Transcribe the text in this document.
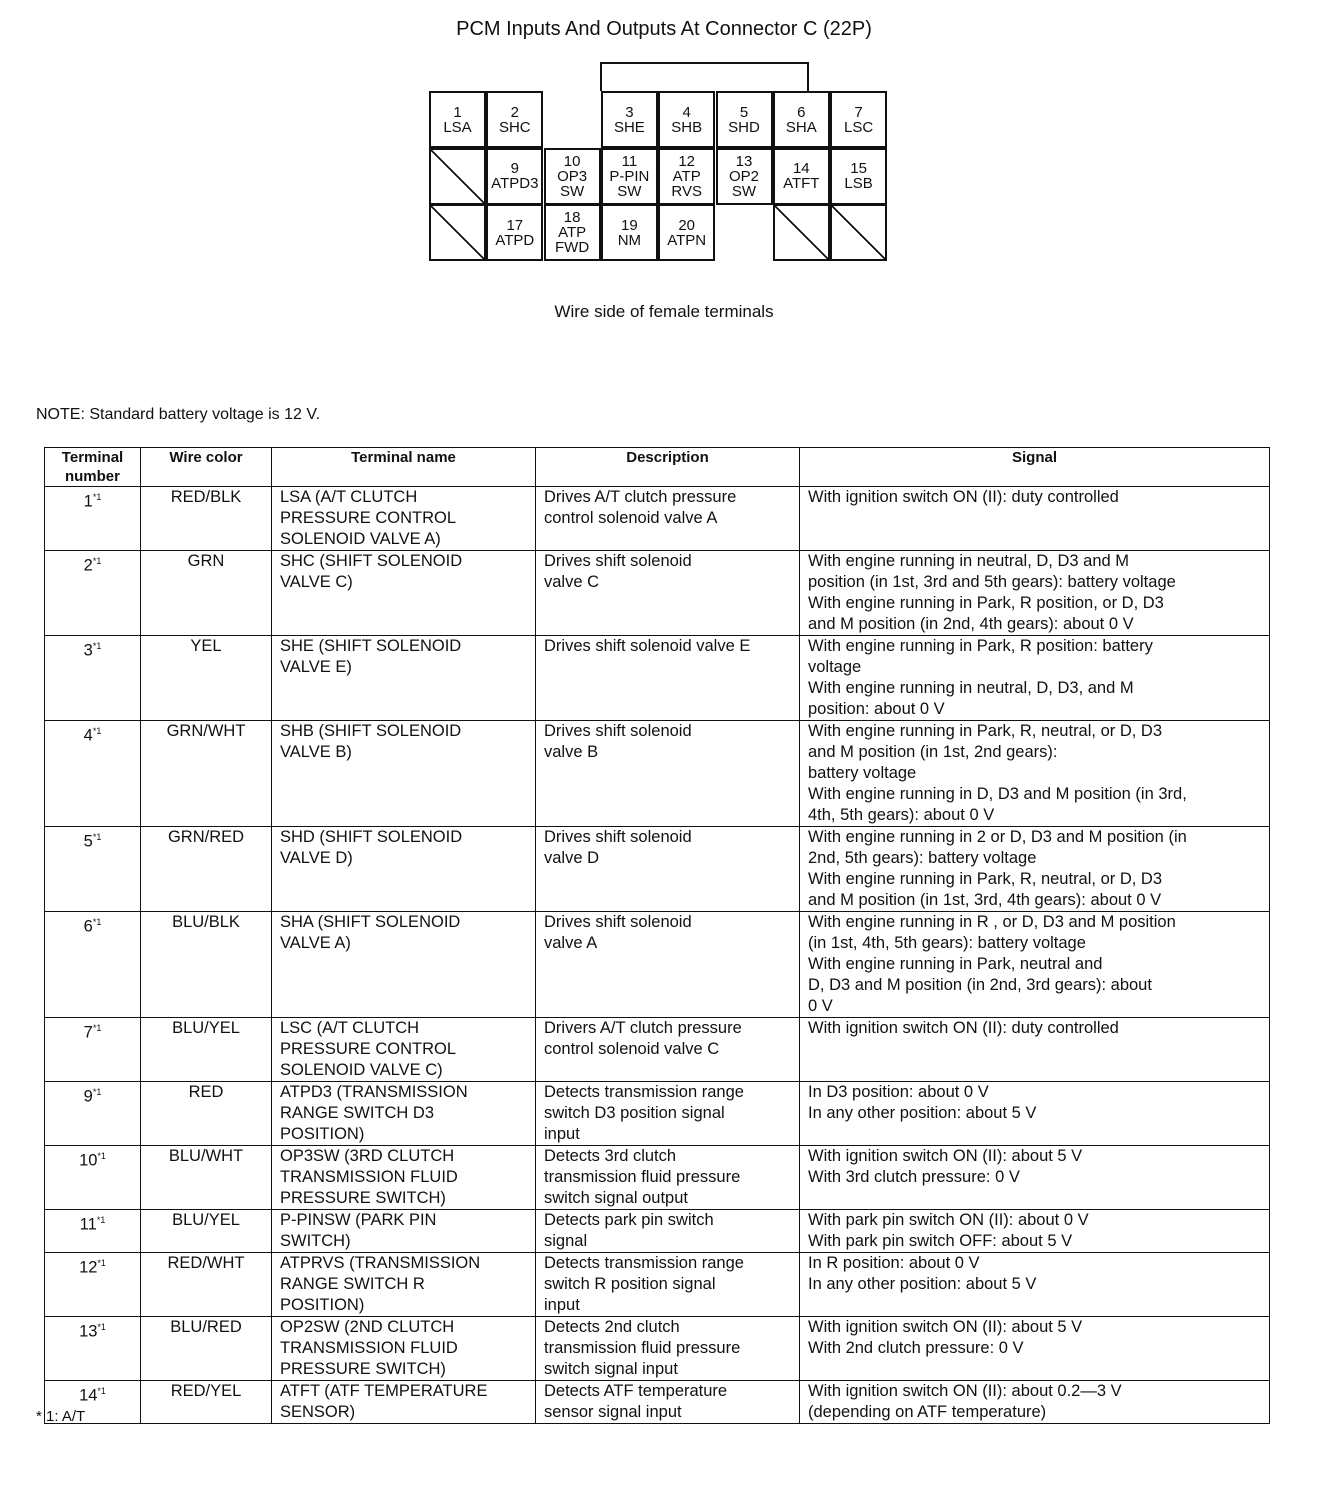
PCM Inputs And Outputs At Connector C (22P)
1
LSA
2
SHC
3
SHE
4
SHB
5
SHD
6
SHA
7
LSC
9
ATPD3
10
OP3
SW
11
P-PIN
SW
12
ATP
RVS
13
OP2
SW
14
ATFT
15
LSB
17
ATPD
18
ATP
FWD
19
NM
20
ATPN
Wire side of female terminals
NOTE: Standard battery voltage is 12 V.
Terminal
number	Wire color	Terminal name	Description	Signal
1$^{*1}$	RED/BLK	LSA (A/T CLUTCH
PRESSURE CONTROL
SOLENOID VALVE A)	Drives A/T clutch pressure
control solenoid valve A	With ignition switch ON (II): duty controlled
2$^{*1}$	GRN	SHC (SHIFT SOLENOID
VALVE C)	Drives shift solenoid
valve C	With engine running in neutral, D, D3 and M
position (in 1st, 3rd and 5th gears): battery voltage
With engine running in Park, R position, or D, D3
and M position (in 2nd, 4th gears): about 0 V
3$^{*1}$	YEL	SHE (SHIFT SOLENOID
VALVE E)	Drives shift solenoid valve E	With engine running in Park, R position: battery
voltage
With engine running in neutral, D, D3, and M
position: about 0 V
4$^{*1}$	GRN/WHT	SHB (SHIFT SOLENOID
VALVE B)	Drives shift solenoid
valve B	With engine running in Park, R, neutral, or D, D3
and M position (in 1st, 2nd gears):
battery voltage
With engine running in D, D3 and M position (in 3rd,
4th, 5th gears): about 0 V
5$^{*1}$	GRN/RED	SHD (SHIFT SOLENOID
VALVE D)	Drives shift solenoid
valve D	With engine running in 2 or D, D3 and M position (in
2nd, 5th gears): battery voltage
With engine running in Park, R, neutral, or D, D3
and M position (in 1st, 3rd, 4th gears): about 0 V
6$^{*1}$	BLU/BLK	SHA (SHIFT SOLENOID
VALVE A)	Drives shift solenoid
valve A	With engine running in R , or D, D3 and M position
(in 1st, 4th, 5th gears): battery voltage
With engine running in Park, neutral and
D, D3 and M position (in 2nd, 3rd gears): about
0 V
7$^{*1}$	BLU/YEL	LSC (A/T CLUTCH
PRESSURE CONTROL
SOLENOID VALVE C)	Drivers A/T clutch pressure
control solenoid valve C	With ignition switch ON (II): duty controlled
9$^{*1}$	RED	ATPD3 (TRANSMISSION
RANGE SWITCH D3
POSITION)	Detects transmission range
switch D3 position signal
input	In D3 position: about 0 V
In any other position: about 5 V
10$^{*1}$	BLU/WHT	OP3SW (3RD CLUTCH
TRANSMISSION FLUID
PRESSURE SWITCH)	Detects 3rd clutch
transmission fluid pressure
switch signal output	With ignition switch ON (II): about 5 V
With 3rd clutch pressure: 0 V
11$^{*1}$	BLU/YEL	P-PINSW (PARK PIN
SWITCH)	Detects park pin switch
signal	With park pin switch ON (II): about 0 V
With park pin switch OFF: about 5 V
12$^{*1}$	RED/WHT	ATPRVS (TRANSMISSION
RANGE SWITCH R
POSITION)	Detects transmission range
switch R position signal
input	In R position: about 0 V
In any other position: about 5 V
13$^{*1}$	BLU/RED	OP2SW (2ND CLUTCH
TRANSMISSION FLUID
PRESSURE SWITCH)	Detects 2nd clutch
transmission fluid pressure
switch signal input	With ignition switch ON (II): about 5 V
With 2nd clutch pressure: 0 V
14$^{*1}$	RED/YEL	ATFT (ATF TEMPERATURE
SENSOR)	Detects ATF temperature
sensor signal input	With ignition switch ON (II): about 0.2—3 V
(depending on ATF temperature)
* 1: A/T
